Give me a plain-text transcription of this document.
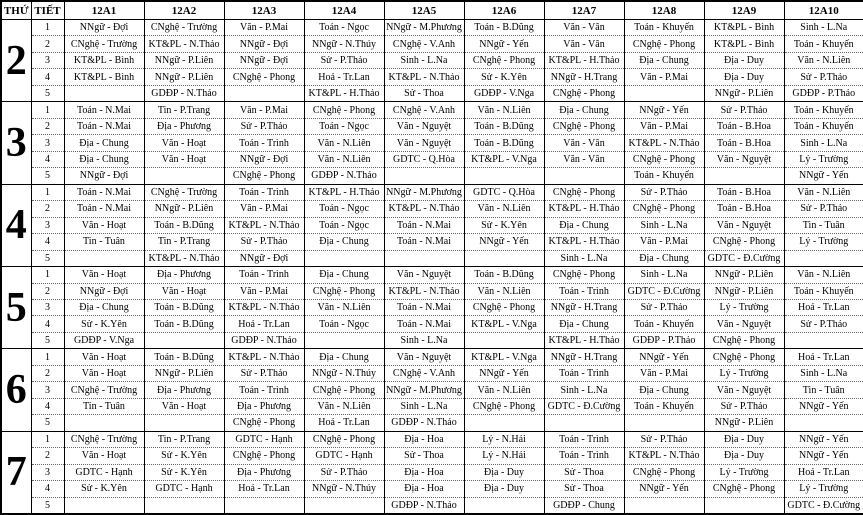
THỨ	TIẾT	12A1	12A2	12A3	12A4	12A5	12A6	12A7	12A8	12A9	12A10
2	1	NNgữ - Đợi	CNghệ - Trường	Văn - P.Mai	Toán - Ngọc	NNgữ - M.Phương	Toán - B.Dũng	Văn - Vân	Toán - Khuyến	KT&PL - Bình	Sinh - L.Na
	2	CNghệ - Trường	KT&PL - N.Thảo	NNgữ - Đợi	NNgữ - N.Thúy	CNghệ - V.Anh	NNgữ - Yến	Văn - Vân	CNghệ - Phong	KT&PL - Bình	Toán - Khuyến
	3	KT&PL - Bình	NNgữ - P.Liên	NNgữ - Đợi	Sử - P.Thảo	Sinh - L.Na	CNghệ - Phong	KT&PL - H.Thảo	Địa - Chung	Địa - Duy	Văn - N.Liên
	4	KT&PL - Bình	NNgữ - P.Liên	CNghệ - Phong	Hoá - Tr.Lan	KT&PL - N.Thảo	Sử - K.Yên	NNgữ - H.Trang	Văn - P.Mai	Địa - Duy	Sử - P.Thảo
	5		GDĐP - N.Thảo		KT&PL - H.Thảo	Sử - Thoa	GDĐP - V.Nga	CNghệ - Phong		NNgữ - P.Liên	GDĐP - P.Thảo
3	1	Toán - N.Mai	Tin - P.Trang	Văn - P.Mai	CNghệ - Phong	CNghệ - V.Anh	Văn - N.Liên	Địa - Chung	NNgữ - Yến	Sử - P.Thảo	Toán - Khuyến
	2	Toán - N.Mai	Địa - Phương	Sử - P.Thảo	Toán - Ngọc	Văn - Nguyệt	Toán - B.Dũng	CNghệ - Phong	Văn - P.Mai	Toán - B.Hoa	Toán - Khuyến
	3	Địa - Chung	Văn - Hoạt	Toán - Trình	Văn - N.Liên	Văn - Nguyệt	Toán - B.Dũng	Văn - Vân	KT&PL - N.Thảo	Toán - B.Hoa	Sinh - L.Na
	4	Địa - Chung	Văn - Hoạt	NNgữ - Đợi	Văn - N.Liên	GDTC - Q.Hòa	KT&PL - V.Nga	Văn - Vân	CNghệ - Phong	Văn - Nguyệt	Lý - Trường
	5	NNgữ - Đợi		CNghệ - Phong	GDĐP - N.Thảo				Toán - Khuyến		NNgữ - Yến
4	1	Toán - N.Mai	CNghệ - Trường	Toán - Trình	KT&PL - H.Thảo	NNgữ - M.Phương	GDTC - Q.Hòa	CNghệ - Phong	Sử - P.Thảo	Toán - B.Hoa	Văn - N.Liên
	2	Toán - N.Mai	NNgữ - P.Liên	Văn - P.Mai	Toán - Ngọc	KT&PL - N.Thảo	Văn - N.Liên	KT&PL - H.Thảo	CNghệ - Phong	Toán - B.Hoa	Sử - P.Thảo
	3	Văn - Hoạt	Toán - B.Dũng	KT&PL - N.Thảo	Toán - Ngọc	Toán - N.Mai	Sử - K.Yên	Địa - Chung	Sinh - L.Na	Văn - Nguyệt	Tin - Tuân
	4	Tin - Tuân	Tin - P.Trang	Sử - P.Thảo	Địa - Chung	Toán - N.Mai	NNgữ - Yến	KT&PL - H.Thảo	Văn - P.Mai	CNghệ - Phong	Lý - Trường
	5		KT&PL - N.Thảo	NNgữ - Đợi				Sinh - L.Na	Địa - Chung	GDTC - Đ.Cường	
5	1	Văn - Hoạt	Địa - Phương	Toán - Trình	Địa - Chung	Văn - Nguyệt	Toán - B.Dũng	CNghệ - Phong	Sinh - L.Na	NNgữ - P.Liên	Văn - N.Liên
	2	NNgữ - Đợi	Văn - Hoạt	Văn - P.Mai	CNghệ - Phong	KT&PL - N.Thảo	Văn - N.Liên	Toán - Trình	GDTC - Đ.Cường	NNgữ - P.Liên	Toán - Khuyến
	3	Địa - Chung	Toán - B.Dũng	KT&PL - N.Thảo	Văn - N.Liên	Toán - N.Mai	CNghệ - Phong	NNgữ - H.Trang	Sử - P.Thảo	Lý - Trường	Hoá - Tr.Lan
	4	Sử - K.Yên	Toán - B.Dũng	Hoá - Tr.Lan	Toán - Ngọc	Toán - N.Mai	KT&PL - V.Nga	Địa - Chung	Toán - Khuyến	Văn - Nguyệt	Sử - P.Thảo
	5	GDĐP - V.Nga		GDĐP - N.Thảo		Sinh - L.Na		KT&PL - H.Thảo	GDĐP - P.Thảo	CNghệ - Phong	
6	1	Văn - Hoạt	Toán - B.Dũng	KT&PL - N.Thảo	Địa - Chung	Văn - Nguyệt	KT&PL - V.Nga	NNgữ - H.Trang	NNgữ - Yến	CNghệ - Phong	Hoá - Tr.Lan
	2	Văn - Hoạt	NNgữ - P.Liên	Sử - P.Thảo	NNgữ - N.Thúy	CNghệ - V.Anh	NNgữ - Yến	Toán - Trình	Văn - P.Mai	Lý - Trường	Sinh - L.Na
	3	CNghệ - Trường	Địa - Phương	Toán - Trình	CNghệ - Phong	NNgữ - M.Phương	Văn - N.Liên	Sinh - L.Na	Địa - Chung	Văn - Nguyệt	Tin - Tuân
	4	Tin - Tuân	Văn - Hoạt	Địa - Phương	Văn - N.Liên	Sinh - L.Na	CNghệ - Phong	GDTC - Đ.Cường	Toán - Khuyến	Sử - P.Thảo	NNgữ - Yến
	5			CNghệ - Phong	Hoá - Tr.Lan	GDĐP - N.Thảo				NNgữ - P.Liên	
7	1	CNghệ - Trường	Tin - P.Trang	GDTC - Hạnh	CNghệ - Phong	Địa - Hoa	Lý - N.Hải	Toán - Trình	Sử - P.Thảo	Địa - Duy	NNgữ - Yến
	2	Văn - Hoạt	Sử - K.Yên	CNghệ - Phong	GDTC - Hạnh	Sử - Thoa	Lý - N.Hải	Toán - Trình	KT&PL - N.Thảo	Địa - Duy	NNgữ - Yến
	3	GDTC - Hạnh	Sử - K.Yên	Địa - Phương	Sử - P.Thảo	Địa - Hoa	Địa - Duy	Sử - Thoa	CNghệ - Phong	Lý - Trường	Hoá - Tr.Lan
	4	Sử - K.Yên	GDTC - Hạnh	Hoá - Tr.Lan	NNgữ - N.Thúy	Địa - Hoa	Địa - Duy	Sử - Thoa	NNgữ - Yến	CNghệ - Phong	Lý - Trường
	5					GDĐP - N.Thảo		GDĐP - Chung			GDTC - Đ.Cường
